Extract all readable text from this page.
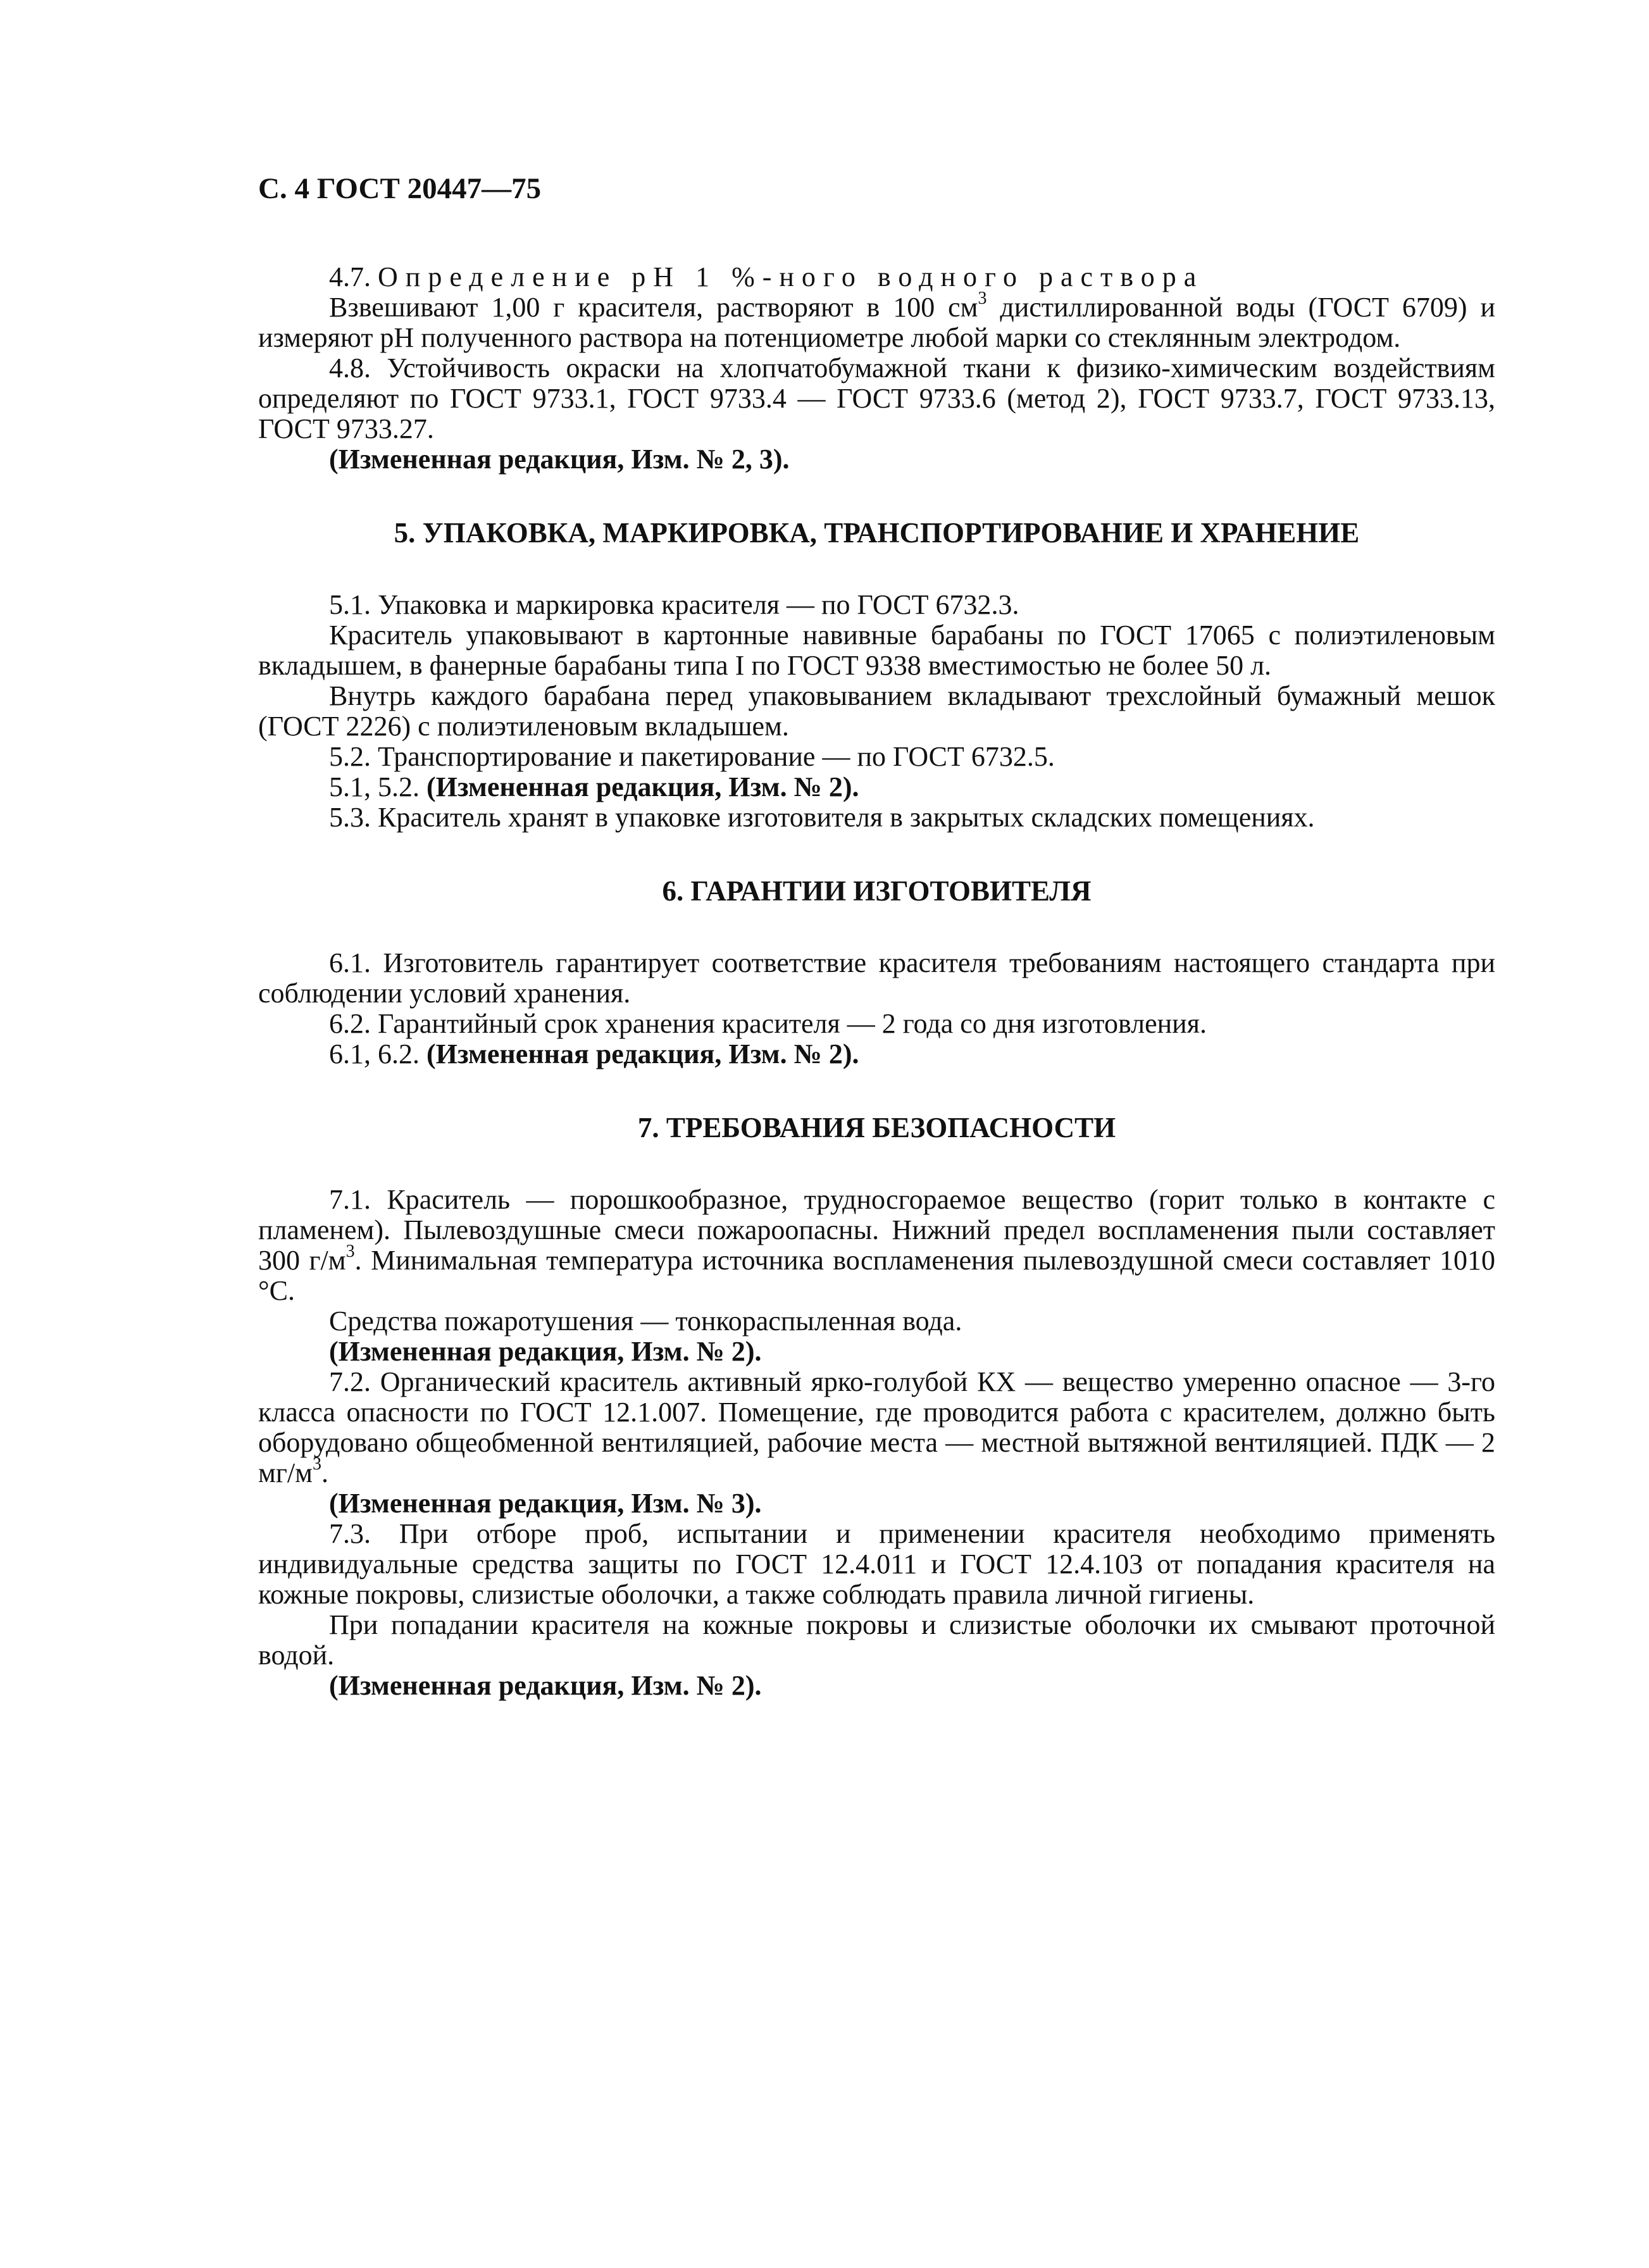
С. 4 ГОСТ 20447—75

4.7. Определение pH 1 %-ного водного раствора

Взвешивают 1,00 г красителя, растворяют в 100 $см^3$ дистиллированной воды (ГОСТ 6709) и измеряют pH полученного раствора на потенциометре любой марки со стеклянным электродом.

4.8. Устойчивость окраски на хлопчатобумажной ткани к физико-химическим воздействиям определяют по ГОСТ 9733.1, ГОСТ 9733.4 — ГОСТ 9733.6 (метод 2), ГОСТ 9733.7, ГОСТ 9733.13, ГОСТ 9733.27.

(Измененная редакция, Изм. № 2, 3).

5. УПАКОВКА, МАРКИРОВКА, ТРАНСПОРТИРОВАНИЕ И ХРАНЕНИЕ

5.1. Упаковка и маркировка красителя — по ГОСТ 6732.3.

Краситель упаковывают в картонные навивные барабаны по ГОСТ 17065 с полиэтиленовым вкладышем, в фанерные барабаны типа I по ГОСТ 9338 вместимостью не более 50 л.

Внутрь каждого барабана перед упаковыванием вкладывают трехслойный бумажный мешок (ГОСТ 2226) с полиэтиленовым вкладышем.

5.2. Транспортирование и пакетирование — по ГОСТ 6732.5.

5.1, 5.2. (Измененная редакция, Изм. № 2).

5.3. Краситель хранят в упаковке изготовителя в закрытых складских помещениях.

6. ГАРАНТИИ ИЗГОТОВИТЕЛЯ

6.1. Изготовитель гарантирует соответствие красителя требованиям настоящего стандарта при соблюдении условий хранения.

6.2. Гарантийный срок хранения красителя — 2 года со дня изготовления.

6.1, 6.2. (Измененная редакция, Изм. № 2).

7. ТРЕБОВАНИЯ БЕЗОПАСНОСТИ

7.1. Краситель — порошкообразное, трудносгораемое вещество (горит только в контакте с пламенем). Пылевоздушные смеси пожароопасны. Нижний предел воспламенения пыли составляет 300 $г/м^3$. Минимальная температура источника воспламенения пылевоздушной смеси составляет 1010 °С.

Средства пожаротушения — тонкораспыленная вода.

(Измененная редакция, Изм. № 2).

7.2. Органический краситель активный ярко-голубой КХ — вещество умеренно опасное — 3-го класса опасности по ГОСТ 12.1.007. Помещение, где проводится работа с красителем, должно быть оборудовано общеобменной вентиляцией, рабочие места — местной вытяжной вентиляцией. ПДК — 2 $мг/м^3$.

(Измененная редакция, Изм. № 3).

7.3. При отборе проб, испытании и применении красителя необходимо применять индивидуальные средства защиты по ГОСТ 12.4.011 и ГОСТ 12.4.103 от попадания красителя на кожные покровы, слизистые оболочки, а также соблюдать правила личной гигиены.

При попадании красителя на кожные покровы и слизистые оболочки их смывают проточной водой.

(Измененная редакция, Изм. № 2).
